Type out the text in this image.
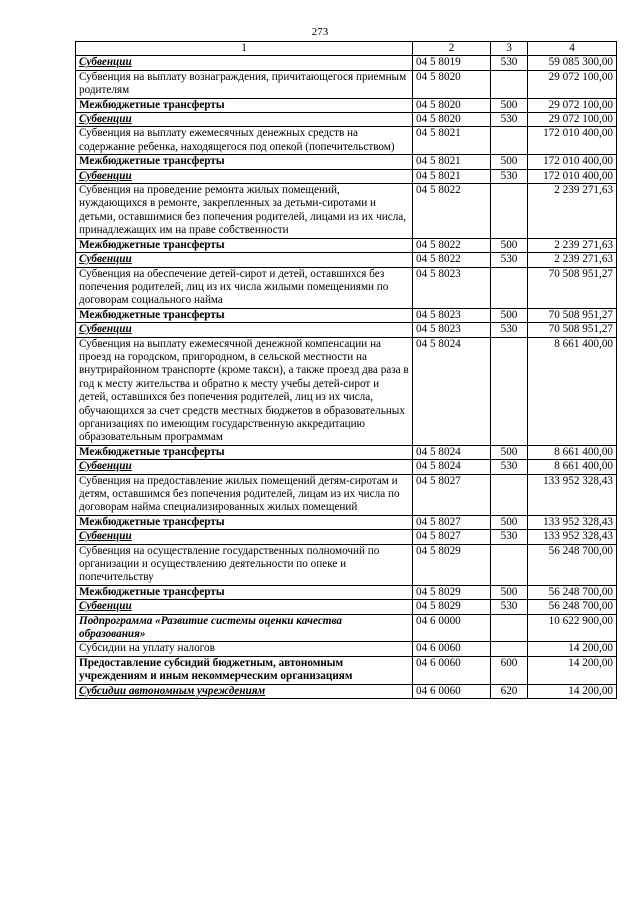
273
1	2	3	4
Субвенции	04 5 8019	530	59 085 300,00
Субвенция на выплату вознаграждения, причитающегося приемным родителям	04 5 8020		29 072 100,00
Межбюджетные трансферты	04 5 8020	500	29 072 100,00
Субвенции	04 5 8020	530	29 072 100,00
Субвенция на выплату ежемесячных денежных средств на содержание ребенка, находящегося под опекой (попечительством)	04 5 8021		172 010 400,00
Межбюджетные трансферты	04 5 8021	500	172 010 400,00
Субвенции	04 5 8021	530	172 010 400,00
Субвенция на проведение ремонта жилых помещений, нуждающихся в ремонте, закрепленных за детьми-сиротами и детьми, оставшимися без попечения родителей, лицами из их числа, принадлежащих им на праве собственности	04 5 8022		2 239 271,63
Межбюджетные трансферты	04 5 8022	500	2 239 271,63
Субвенции	04 5 8022	530	2 239 271,63
Субвенция на обеспечение детей-сирот и детей, оставшихся без попечения родителей, лиц из их числа жилыми помещениями по договорам социального найма	04 5 8023		70 508 951,27
Межбюджетные трансферты	04 5 8023	500	70 508 951,27
Субвенции	04 5 8023	530	70 508 951,27
Субвенция на выплату ежемесячной денежной компенсации на проезд на городском, пригородном, в сельской местности на внутрирайонном транспорте (кроме такси), а также проезд два раза в год к месту жительства и обратно к месту учебы детей-сирот и детей, оставшихся без попечения родителей, лиц из их числа, обучающихся за счет средств местных бюджетов в образовательных организациях по имеющим государственную аккредитацию образовательным программам	04 5 8024		8 661 400,00
Межбюджетные трансферты	04 5 8024	500	8 661 400,00
Субвенции	04 5 8024	530	8 661 400,00
Субвенция на предоставление жилых помещений детям-сиротам и детям, оставшимся без попечения родителей, лицам из их числа по договорам найма специализированных жилых помещений	04 5 8027		133 952 328,43
Межбюджетные трансферты	04 5 8027	500	133 952 328,43
Субвенции	04 5 8027	530	133 952 328,43
Субвенция на осуществление государственных полномочий по организации и осуществлению деятельности по опеке и попечительству	04 5 8029		56 248 700,00
Межбюджетные трансферты	04 5 8029	500	56 248 700,00
Субвенции	04 5 8029	530	56 248 700,00
Подпрограмма «Развитие системы оценки качества образования»	04 6 0000		10 622 900,00
Субсидии на уплату налогов	04 6 0060		14 200,00
Предоставление субсидий бюджетным, автономным учреждениям и иным некоммерческим организациям	04 6 0060	600	14 200,00
Субсидии автономным учреждениям	04 6 0060	620	14 200,00
